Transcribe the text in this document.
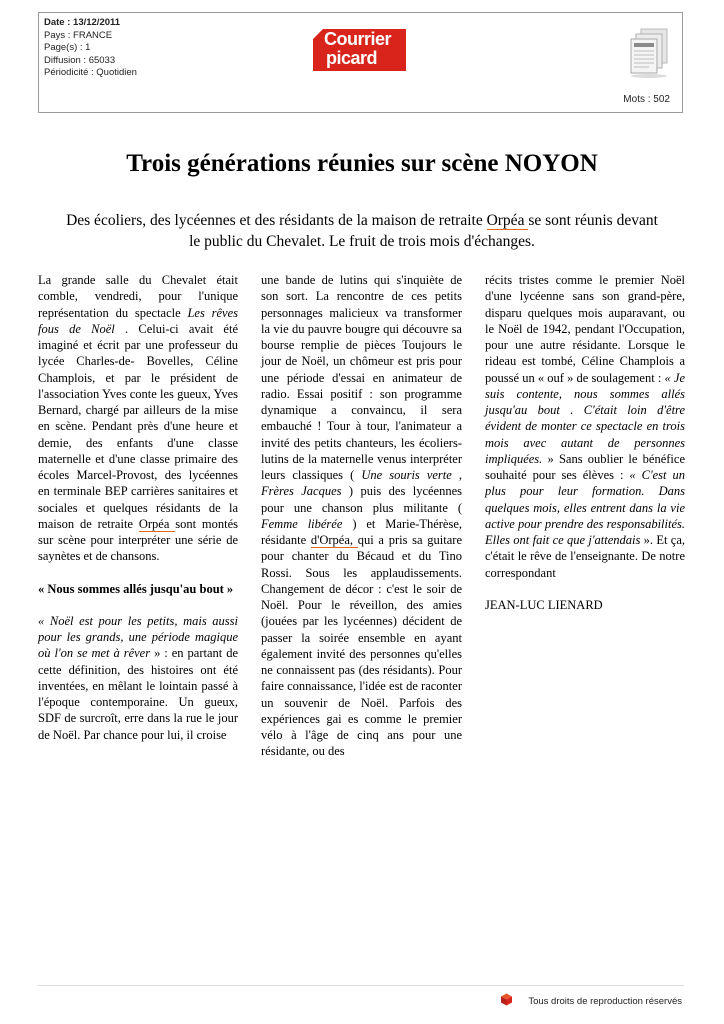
Date : 13/12/2011
Pays : FRANCE
Page(s) : 1
Diffusion : 65033
Périodicité : Quotidien
Courrier
picard
Mots : 502
Trois générations réunies sur scène NOYON

Des écoliers, des lycéennes et des résidants de la maison de retraite Orpéa se sont réunis devant le public du Chevalet. Le fruit de trois mois d'échanges.

La grande salle du Chevalet était comble, vendredi, pour l'unique représentation du spectacle Les rêves fous de Noël . Celui-ci avait été imaginé et écrit par une professeur du lycée Charles-de- Bovelles, Céline Champlois, et par le président de l'association Yves conte les gueux, Yves Bernard, chargé par ailleurs de la mise en scène. Pendant près d'une heure et demie, des enfants d'une classe maternelle et d'une classe primaire des écoles Marcel-Provost, des lycéennes en terminale BEP carrières sanitaires et sociales et quelques résidants de la maison de retraite Orpéa sont montés sur scène pour interpréter une série de saynètes et de chansons.

« Nous sommes allés jusqu'au bout »

« Noël est pour les petits, mais aussi pour les grands, une période magique où l'on se met à rêver » : en partant de cette définition, des histoires ont été inventées, en mêlant le lointain passé à l'époque contemporaine. Un gueux, SDF de surcroît, erre dans la rue le jour de Noël. Par chance pour lui, il croise

une bande de lutins qui s'inquiète de son sort. La rencontre de ces petits personnages malicieux va transformer la vie du pauvre bougre qui découvre sa bourse remplie de pièces Toujours le jour de Noël, un chômeur est pris pour une période d'essai en animateur de radio. Essai positif : son programme dynamique a convaincu, il sera embauché ! Tour à tour, l'animateur a invité des petits chanteurs, les écoliers-lutins de la maternelle venus interpréter leurs classiques ( Une souris verte , Frères Jacques ) puis des lycéennes pour une chanson plus militante ( Femme libérée ) et Marie-Thérèse, résidante d'Orpéa, qui a pris sa guitare pour chanter du Bécaud et du Tino Rossi. Sous les applaudissements. Changement de décor : c'est le soir de Noël. Pour le réveillon, des amies (jouées par les lycéennes) décident de passer la soirée ensemble en ayant également invité des personnes qu'elles ne connaissent pas (des résidants). Pour faire connaissance, l'idée est de raconter un souvenir de Noël. Parfois des expériences gai es comme le premier vélo à l'âge de cinq ans pour une résidante, ou des

récits tristes comme le premier Noël d'une lycéenne sans son grand-père, disparu quelques mois auparavant, ou le Noël de 1942, pendant l'Occupation, pour une autre résidante. Lorsque le rideau est tombé, Céline Champlois a poussé un « ouf » de soulagement : « Je suis contente, nous sommes allés jusqu'au bout . C'était loin d'être évident de monter ce spectacle en trois mois avec autant de personnes impliquées. » Sans oublier le bénéfice souhaité pour ses élèves : « C'est un plus pour leur formation. Dans quelques mois, elles entrent dans la vie active pour prendre des responsabilités. Elles ont fait ce que j'attendais ». Et ça, c'était le rêve de l'enseignante. De notre correspondant

JEAN-LUC LIENARD

Tous droits de reproduction réservés
